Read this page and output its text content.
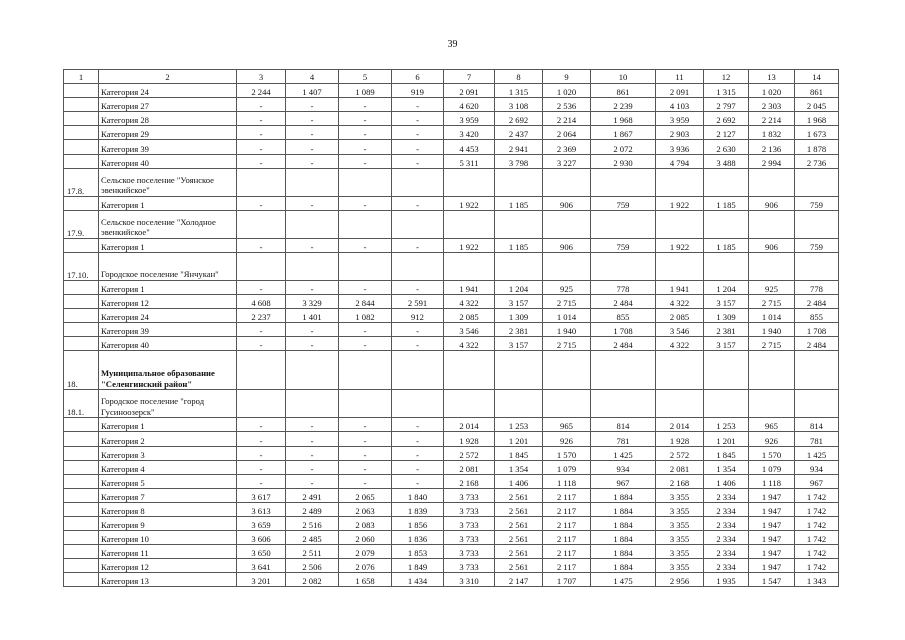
39
1	2	3	4	5	6	7	8	9	10	11	12	13	14
	Категория 24	2 244	1 407	1 089	919	2 091	1 315	1 020	861	2 091	1 315	1 020	861
	Категория 27	-	-	-	-	4 620	3 108	2 536	2 239	4 103	2 797	2 303	2 045
	Категория 28	-	-	-	-	3 959	2 692	2 214	1 968	3 959	2 692	2 214	1 968
	Категория 29	-	-	-	-	3 420	2 437	2 064	1 867	2 903	2 127	1 832	1 673
	Категория 39	-	-	-	-	4 453	2 941	2 369	2 072	3 936	2 630	2 136	1 878
	Категория 40	-	-	-	-	5 311	3 798	3 227	2 930	4 794	3 488	2 994	2 736
17.8.	Сельское поселение "Уоянское эвенкийское"												
	Категория 1	-	-	-	-	1 922	1 185	906	759	1 922	1 185	906	759
17.9.	Сельское поселение "Холодное эвенкийское"												
	Категория 1	-	-	-	-	1 922	1 185	906	759	1 922	1 185	906	759
17.10.	Городское поселение "Янчукан"												
	Категория 1	-	-	-	-	1 941	1 204	925	778	1 941	1 204	925	778
	Категория 12	4 608	3 329	2 844	2 591	4 322	3 157	2 715	2 484	4 322	3 157	2 715	2 484
	Категория 24	2 237	1 401	1 082	912	2 085	1 309	1 014	855	2 085	1 309	1 014	855
	Категория 39	-	-	-	-	3 546	2 381	1 940	1 708	3 546	2 381	1 940	1 708
	Категория 40	-	-	-	-	4 322	3 157	2 715	2 484	4 322	3 157	2 715	2 484
18.	Муниципальное образование "Селенгинский район"												
18.1.	Городское поселение "город Гусиноозерск"												
	Категория 1	-	-	-	-	2 014	1 253	965	814	2 014	1 253	965	814
	Категория 2	-	-	-	-	1 928	1 201	926	781	1 928	1 201	926	781
	Категория 3	-	-	-	-	2 572	1 845	1 570	1 425	2 572	1 845	1 570	1 425
	Категория 4	-	-	-	-	2 081	1 354	1 079	934	2 081	1 354	1 079	934
	Категория 5	-	-	-	-	2 168	1 406	1 118	967	2 168	1 406	1 118	967
	Категория 7	3 617	2 491	2 065	1 840	3 733	2 561	2 117	1 884	3 355	2 334	1 947	1 742
	Категория 8	3 613	2 489	2 063	1 839	3 733	2 561	2 117	1 884	3 355	2 334	1 947	1 742
	Категория 9	3 659	2 516	2 083	1 856	3 733	2 561	2 117	1 884	3 355	2 334	1 947	1 742
	Категория 10	3 606	2 485	2 060	1 836	3 733	2 561	2 117	1 884	3 355	2 334	1 947	1 742
	Категория 11	3 650	2 511	2 079	1 853	3 733	2 561	2 117	1 884	3 355	2 334	1 947	1 742
	Категория 12	3 641	2 506	2 076	1 849	3 733	2 561	2 117	1 884	3 355	2 334	1 947	1 742
	Категория 13	3 201	2 082	1 658	1 434	3 310	2 147	1 707	1 475	2 956	1 935	1 547	1 343
